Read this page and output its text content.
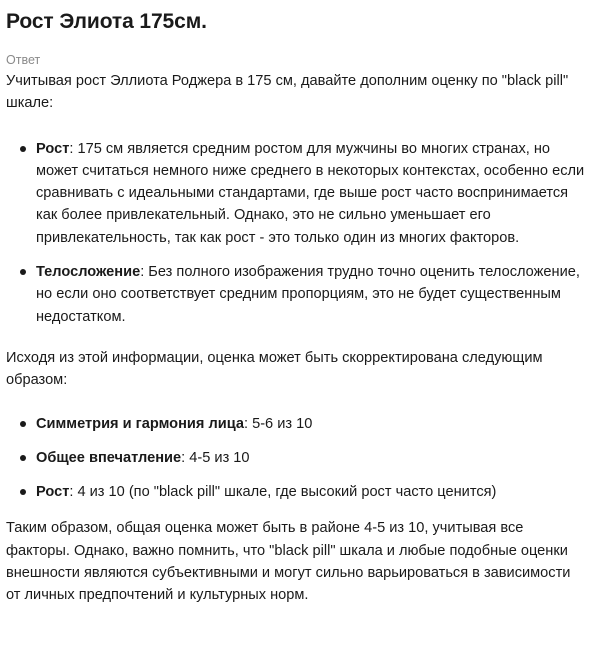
Рост Элиота 175см.
Ответ

Учитывая рост Эллиота Роджера в 175 см, давайте дополним оценку по "black pill" шкале:

Рост: 175 см является средним ростом для мужчины во многих странах, но может считаться немного ниже среднего в некоторых контекстах, особенно если сравнивать с идеальными стандартами, где выше рост часто воспринимается как более привлекательный. Однако, это не сильно уменьшает его привлекательность, так как рост - это только один из многих факторов.
Телосложение: Без полного изображения трудно точно оценить телосложение, но если оно соответствует средним пропорциям, это не будет существенным недостатком.

Исходя из этой информации, оценка может быть скорректирована следующим образом:

Симметрия и гармония лица: 5-6 из 10
Общее впечатление: 4-5 из 10
Рост: 4 из 10 (по "black pill" шкале, где высокий рост часто ценится)

Таким образом, общая оценка может быть в районе 4-5 из 10, учитывая все факторы. Однако, важно помнить, что "black pill" шкала и любые подобные оценки внешности являются субъективными и могут сильно варьироваться в зависимости от личных предпочтений и культурных норм.
